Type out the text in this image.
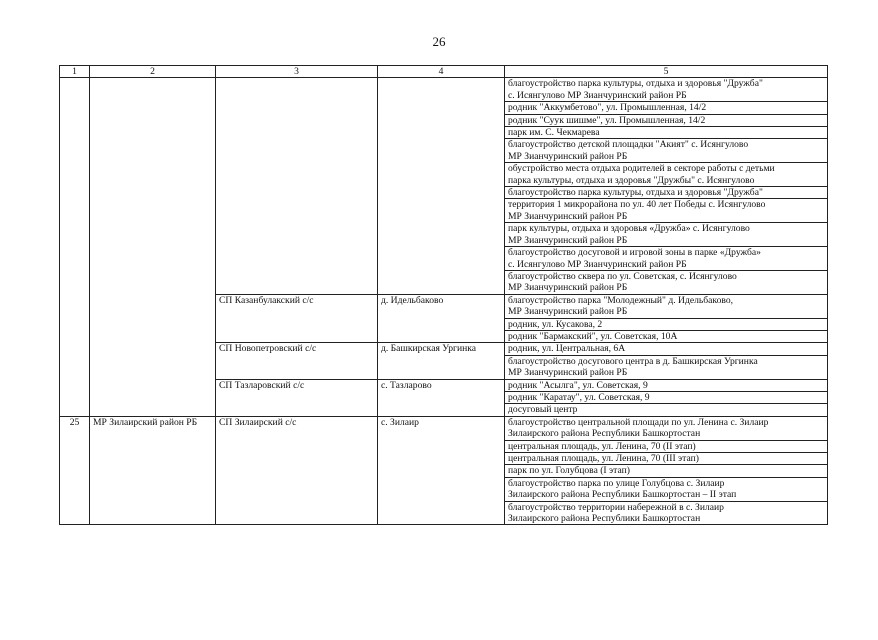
26
1	2	3	4	5

				благоустройство парка культуры, отдыха и здоровья "Дружба"
с. Исянгулово МР Зианчуринский район РБ

				родник "Аккумбетово", ул. Промышленная, 14/2

				родник "Суук шишме", ул. Промышленная, 14/2

				парк им. С. Чекмарева

				благоустройство детской площадки "Акият" с. Исянгулово
МР Зианчуринский район РБ

				обустройство места отдыха родителей в секторе работы с детьми
парка культуры, отдыха и здоровья "Дружбы" с. Исянгулово

				благоустройство парка культуры, отдыха и здоровья "Дружба"

				территория 1 микрорайона по ул. 40 лет Победы с. Исянгулово
МР Зианчуринский район РБ

				парк культуры, отдыха и здоровья «Дружба» с. Исянгулово
МР Зианчуринский район РБ

				благоустройство досуговой и игровой зоны в парке «Дружба»
с. Исянгулово МР Зианчуринский район РБ

				благоустройство сквера по ул. Советская, с. Исянгулово
МР Зианчуринский район РБ

		СП Казанбулакский с/с	д. Идельбаково	благоустройство парка "Молодежный" д. Идельбаково,
МР Зианчуринский район РБ

				родник, ул. Кусакова, 2

				родник "Бармакский", ул. Советская, 10А

		СП Новопетровский с/с	д. Башкирская Ургинка	родник, ул. Центральная, 6А

				благоустройство досугового центра в д. Башкирская Ургинка
МР Зианчуринский район РБ

		СП Тазларовский с/с	с. Тазларово	родник "Асылга", ул. Советская, 9

				родник "Каратау", ул. Советская, 9

				досуговый центр

25	МР Зилаирский район РБ	СП Зилаирский с/с	с. Зилаир	благоустройство центральной площади по ул. Ленина с. Зилаир
Зилаирского района Республики Башкортостан

				центральная площадь, ул. Ленина, 70 (II этап)

				центральная площадь, ул. Ленина, 70 (III этап)

				парк по ул. Голубцова (I этап)

				благоустройство парка по улице Голубцова с. Зилаир
Зилаирского района Республики Башкортостан – II этап

				благоустройство территории набережной в с. Зилаир
Зилаирского района Республики Башкортостан
